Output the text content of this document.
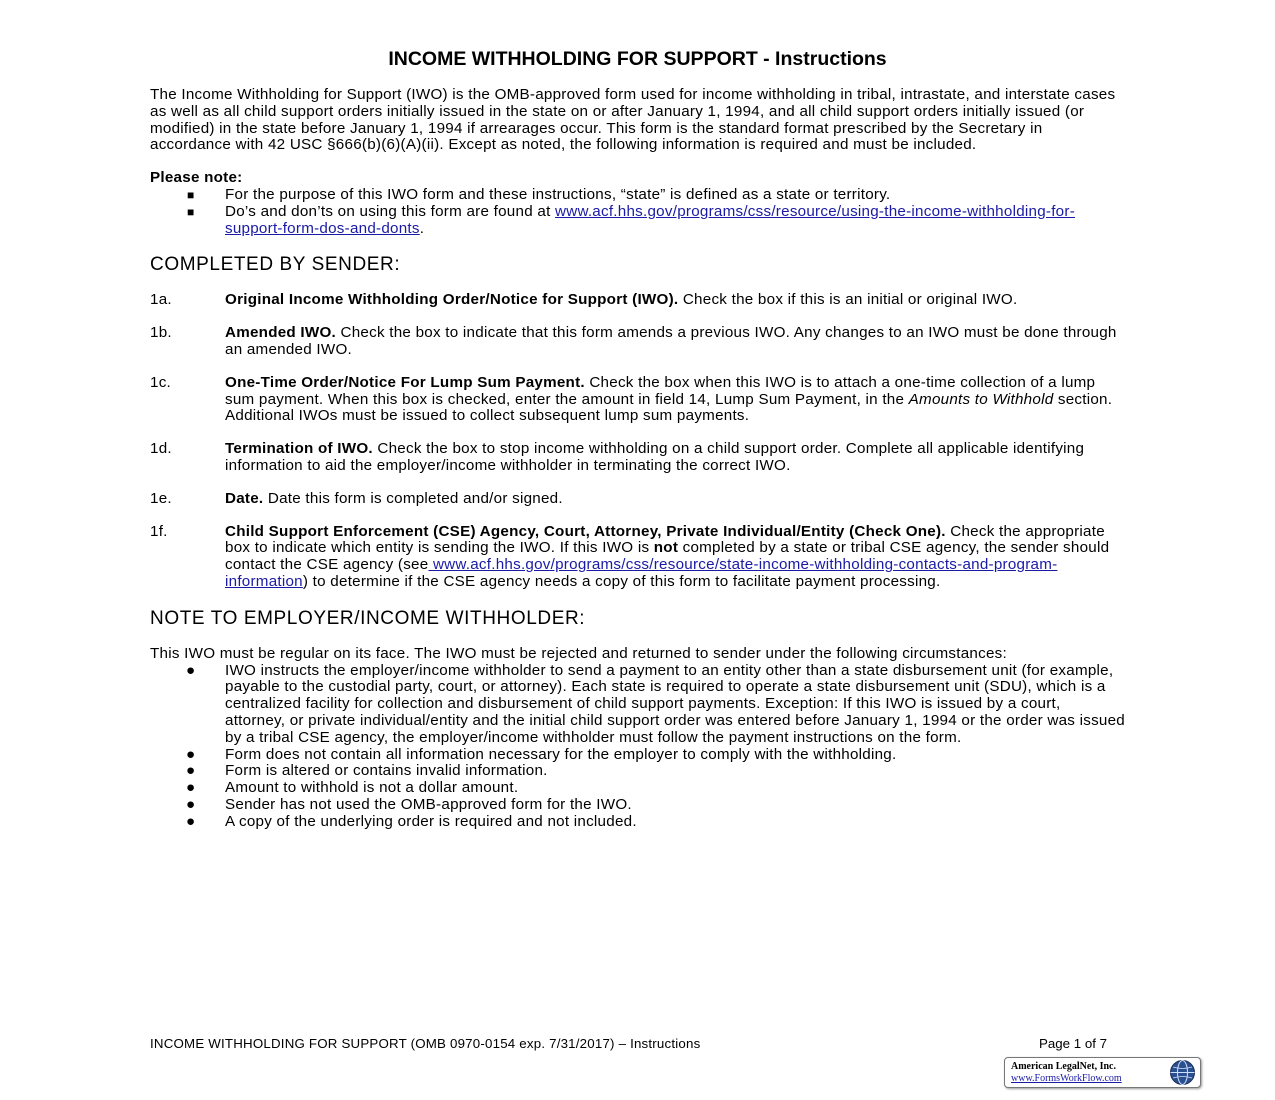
INCOME WITHHOLDING FOR SUPPORT - Instructions

The Income Withholding for Support (IWO) is the OMB-approved form used for income withholding in tribal, intrastate, and interstate cases as well as all child support orders initially issued in the state on or after January 1, 1994, and all child support orders initially issued (or modified) in the state before January 1, 1994 if arrearages occur. This form is the standard format prescribed by the Secretary in accordance with 42 USC §666(b)(6)(A)(ii). Except as noted, the following information is required and must be included.

Please note:

■ For the purpose of this IWO form and these instructions, “state” is defined as a state or territory.
■ Do’s and don’ts on using this form are found at www.acf.hhs.gov/programs/css/resource/using-the-income-withholding-for-support-form-dos-and-donts.
COMPLETED BY SENDER:
1a.	Original Income Withholding Order/Notice for Support (IWO). Check the box if this is an initial or original IWO.
1b.	Amended IWO. Check the box to indicate that this form amends a previous IWO. Any changes to an IWO must be done through an amended IWO.
1c.	One-Time Order/Notice For Lump Sum Payment. Check the box when this IWO is to attach a one-time collection of a lump sum payment. When this box is checked, enter the amount in field 14, Lump Sum Payment, in the Amounts to Withhold section. Additional IWOs must be issued to collect subsequent lump sum payments.
1d.	Termination of IWO. Check the box to stop income withholding on a child support order. Complete all applicable identifying information to aid the employer/income withholder in terminating the correct IWO.
1e.	Date. Date this form is completed and/or signed.
1f.	Child Support Enforcement (CSE) Agency, Court, Attorney, Private Individual/Entity (Check One). Check the appropriate box to indicate which entity is sending the IWO. If this IWO is not completed by a state or tribal CSE agency, the sender should contact the CSE agency (see www.acf.hhs.gov/programs/css/resource/state-income-withholding-contacts-and-program-information) to determine if the CSE agency needs a copy of this form to facilitate payment processing.
NOTE TO EMPLOYER/INCOME WITHHOLDER:

This IWO must be regular on its face. The IWO must be rejected and returned to sender under the following circumstances:

● IWO instructs the employer/income withholder to send a payment to an entity other than a state disbursement unit (for example, payable to the custodial party, court, or attorney). Each state is required to operate a state disbursement unit (SDU), which is a centralized facility for collection and disbursement of child support payments. Exception: If this IWO is issued by a court, attorney, or private individual/entity and the initial child support order was entered before January 1, 1994 or the order was issued by a tribal CSE agency, the employer/income withholder must follow the payment instructions on the form.
● Form does not contain all information necessary for the employer to comply with the withholding.
● Form is altered or contains invalid information.
● Amount to withhold is not a dollar amount.
● Sender has not used the OMB-approved form for the IWO.
● A copy of the underlying order is required and not included.
INCOME WITHHOLDING FOR SUPPORT (OMB 0970-0154 exp. 7/31/2017) – Instructions	Page 1 of 7
American LegalNet, Inc.
www.FormsWorkFlow.com
